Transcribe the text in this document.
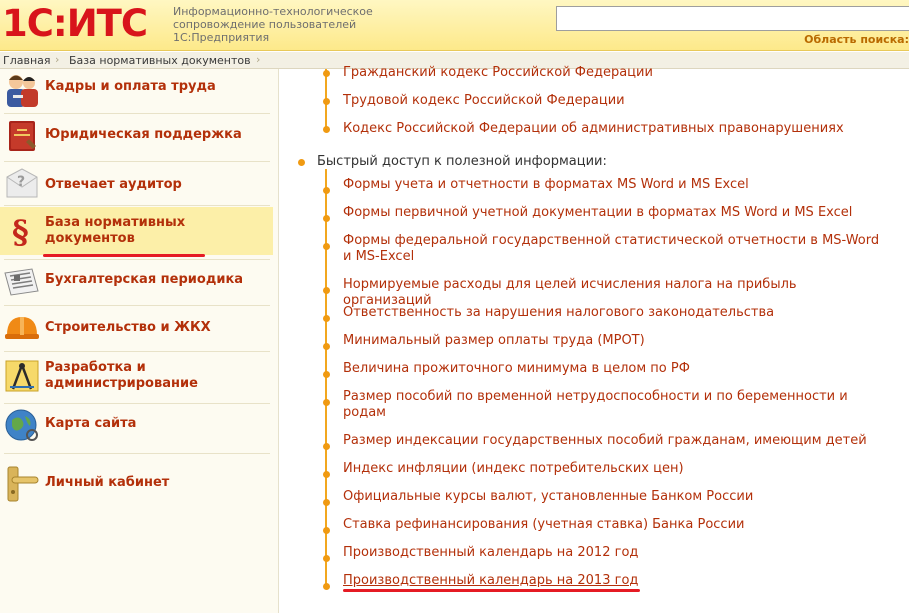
1С:ИТС Информационно-технологическое
сопровождение пользователей
1С:Предприятия	Область поиска:
Главная › База нормативных документов ›
Кадры и оплата труда
Юридическая поддержка
? Отвечает аудитор
§ База нормативных
документов
Бухгалтерская периодика
Строительство и ЖКХ
Разработка и
администрирование
Карта сайта
Личный кабинет
Гражданский кодекс Российской Федерации
Трудовой кодекс Российской Федерации
Кодекс Российской Федерации об административных правонарушениях
Быстрый доступ к полезной информации:
Формы учета и отчетности в форматах MS Word и MS Excel
Формы первичной учетной документации в форматах MS Word и MS Excel
Формы федеральной государственной статистической отчетности в MS-Word и MS-Excel
Нормируемые расходы для целей исчисления налога на прибыль организаций
Ответственность за нарушения налогового законодательства
Минимальный размер оплаты труда (МРОТ)
Величина прожиточного минимума в целом по РФ
Размер пособий по временной нетрудоспособности и по беременности и родам
Размер индексации государственных пособий гражданам, имеющим детей
Индекс инфляции (индекс потребительских цен)
Официальные курсы валют, установленные Банком России
Ставка рефинансирования (учетная ставка) Банка России
Производственный календарь на 2012 год
Производственный календарь на 2013 год
